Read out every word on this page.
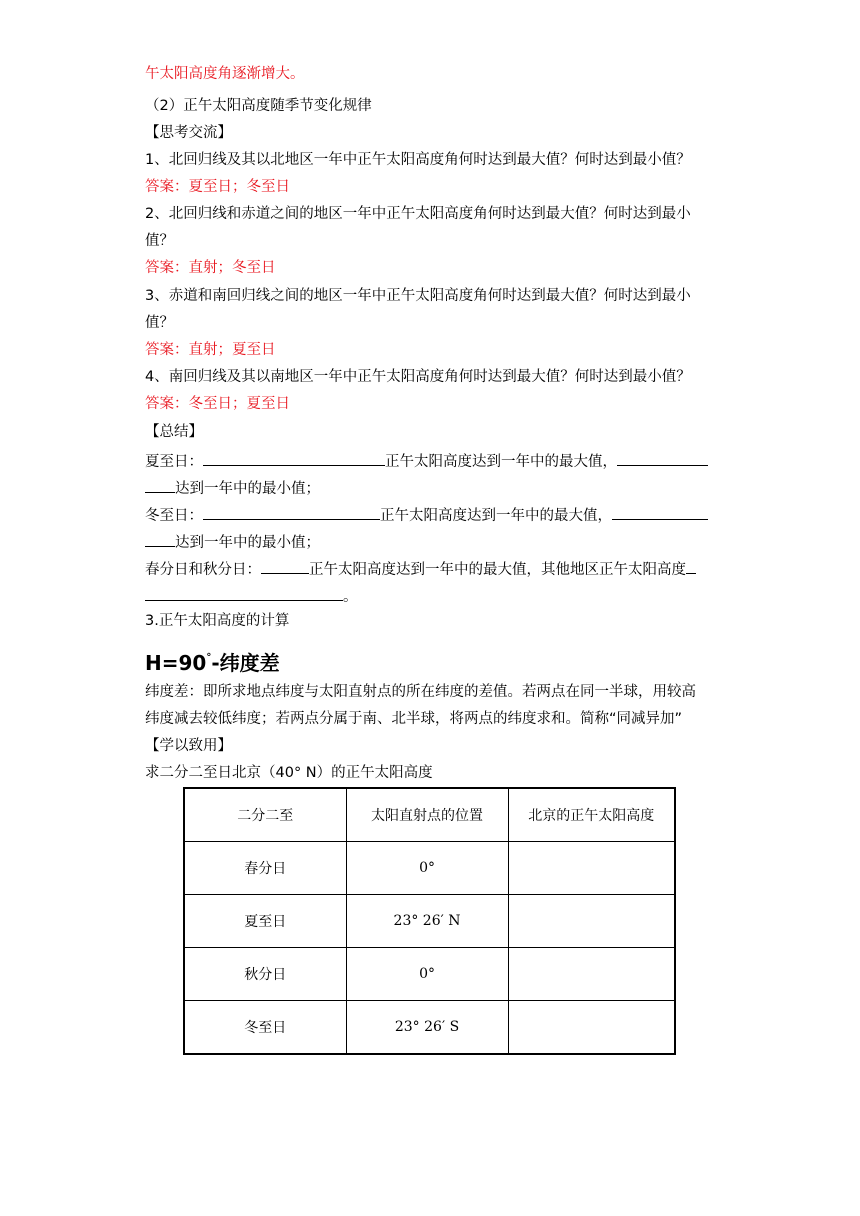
午太阳高度角逐渐增大。
（2）正午太阳高度随季节变化规律
【思考交流】
1、北回归线及其以北地区一年中正午太阳高度角何时达到最大值？何时达到最小值？
答案：夏至日；冬至日
2、北回归线和赤道之间的地区一年中正午太阳高度角何时达到最大值？何时达到最小
值？
答案：直射；冬至日
3、赤道和南回归线之间的地区一年中正午太阳高度角何时达到最大值？何时达到最小
值？
答案：直射；夏至日
4、南回归线及其以南地区一年中正午太阳高度角何时达到最大值？何时达到最小值？
答案：冬至日；夏至日
【总结】
夏至日：	正午太阳高度达到一年中的最大值，
达到一年中的最小值；
冬至日：	正午太阳高度达到一年中的最大值，
达到一年中的最小值；
春分日和秋分日：	正午太阳高度达到一年中的最大值，其他地区正午太阳高度
。
3.正午太阳高度的计算
H=90°-纬度差
纬度差：即所求地点纬度与太阳直射点的所在纬度的差值。若两点在同一半球，用较高
纬度减去较低纬度；若两点分属于南、北半球，将两点的纬度求和。简称“同减异加”
【学以致用】
求二分二至日北京（40° N）的正午太阳高度
二分二至	太阳直射点的位置	北京的正午太阳高度
春分日	0°	
夏至日	23° 26′ N	
秋分日	0°	
冬至日	23° 26′ S	
